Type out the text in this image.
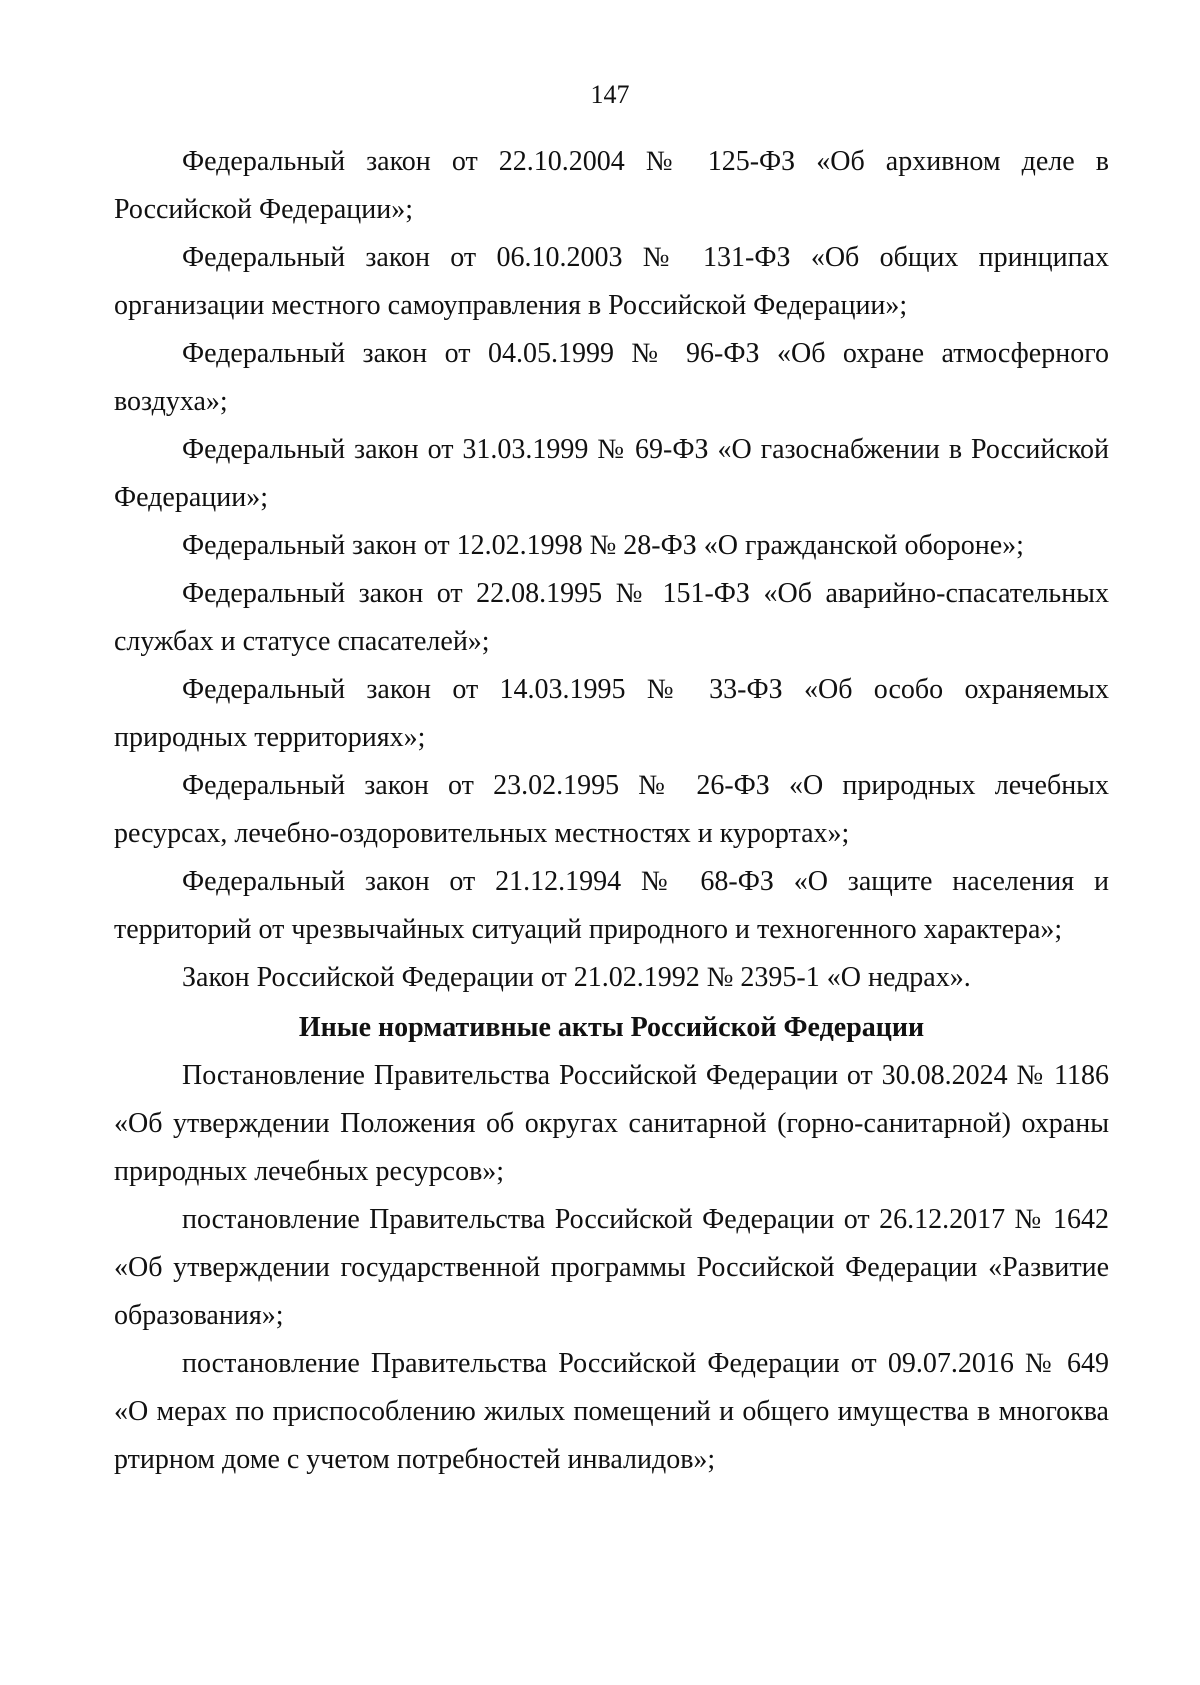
147

Федеральный закон от 22.10.2004 № 125-ФЗ «Об архивном деле в Российской Федерации»;

Федеральный закон от 06.10.2003 № 131-ФЗ «Об общих принципах организации местного самоуправления в Российской Федерации»;

Федеральный закон от 04.05.1999 № 96-ФЗ «Об охране атмосферного воздуха»;

Федеральный закон от 31.03.1999 № 69-ФЗ «О газоснабжении в Российской Федерации»;

Федеральный закон от 12.02.1998 № 28-ФЗ «О гражданской обороне»;

Федеральный закон от 22.08.1995 № 151-ФЗ «Об аварийно-спасательных службах и статусе спасателей»;

Федеральный закон от 14.03.1995 № 33-ФЗ «Об особо охраняемых природных территориях»;

Федеральный закон от 23.02.1995 № 26-ФЗ «О природных лечебных ресурсах, лечебно-оздоровительных местностях и курортах»;

Федеральный закон от 21.12.1994 № 68-ФЗ «О защите населения и территорий от чрезвычайных ситуаций природного и техногенного характера»;

Закон Российской Федерации от 21.02.1992 № 2395-1 «О недрах».

Иные нормативные акты Российской Федерации

Постановление Правительства Российской Федерации от 30.08.2024 № 1186 «Об утверждении Положения об округах санитарной (горно-санитарной) охраны природных лечебных ресурсов»;

постановление Правительства Российской Федерации от 26.12.2017 № 1642 «Об утверждении государственной программы Российской Федерации «Развитие образования»;

постановление Правительства Российской Федерации от 09.07.2016 № 649 «О мерах по приспособлению жилых помещений и общего имущества в многоква ртирном доме с учетом потребностей инвалидов»;
